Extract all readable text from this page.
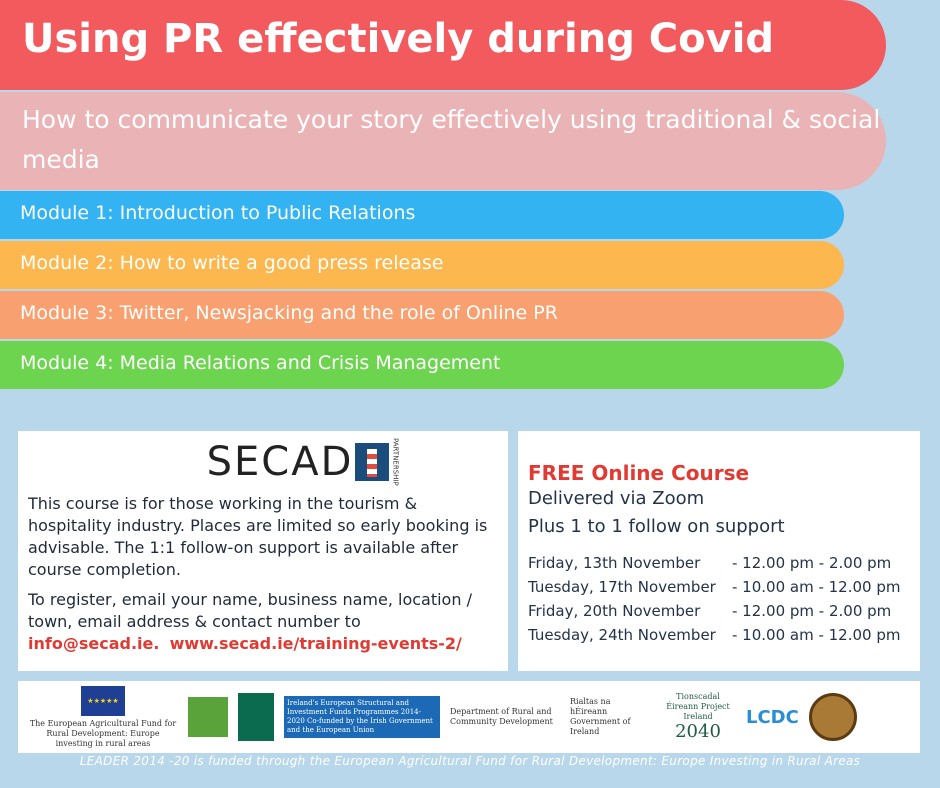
Using PR effectively during Covid
How to communicate your story effectively using traditional & social media
Module 1: Introduction to Public Relations
Module 2: How to write a good press release
Module 3: Twitter, Newsjacking and the role of Online PR
Module 4: Media Relations and Crisis Management
SECAD	PARTNERSHIP

This course is for those working in the tourism & hospitality industry. Places are limited so early booking is advisable. The 1:1 follow-on support is available after course completion.

To register, email your name, business name, location / town, email address & contact number to info@secad.ie. www.secad.ie/training-events-2/

FREE Online Course
Delivered via Zoom
Plus 1 to 1 follow on support
Friday, 13th November	- 12.00 pm - 2.00 pm
Tuesday, 17th November	- 10.00 am - 12.00 pm
Friday, 20th November	- 12.00 pm - 2.00 pm
Tuesday, 24th November	- 10.00 am - 12.00 pm
★★★★★
The European Agricultural Fund for Rural Development: Europe investing in rural areas
Ireland's European Structural and Investment Funds Programmes 2014-2020 Co-funded by the Irish Government and the European Union
Department of Rural and Community Development
Rialtas na hÉireann Government of Ireland
Tionscadal Éireann Project Ireland
2040
LCDC
LEADER 2014 -20 is funded through the European Agricultural Fund for Rural Development: Europe Investing in Rural Areas
